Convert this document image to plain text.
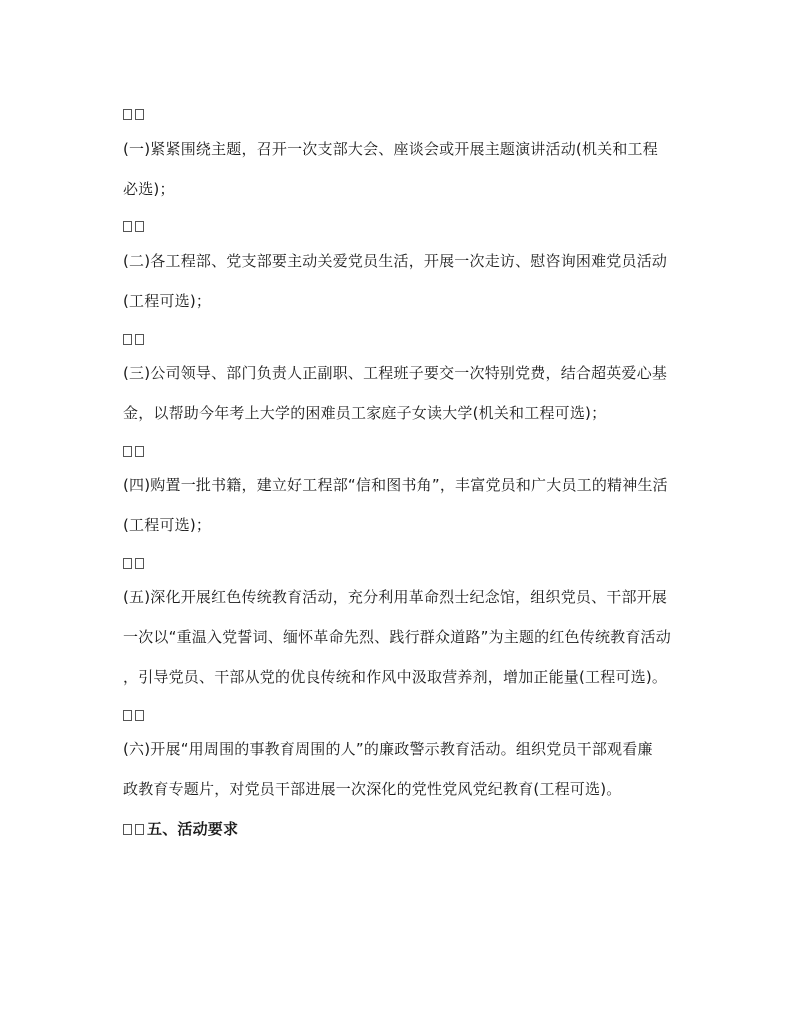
(一)紧紧围绕主题，召开一次支部大会、座谈会或开展主题演讲活动(机关和工程
必选)；
(二)各工程部、党支部要主动关爱党员生活，开展一次走访、慰咨询困难党员活动
(工程可选)；
(三)公司领导、部门负责人正副职、工程班子要交一次特别党费，结合超英爱心基
金，以帮助今年考上大学的困难员工家庭子女读大学(机关和工程可选)；
(四)购置一批书籍，建立好工程部“信和图书角”，丰富党员和广大员工的精神生活
(工程可选)；
(五)深化开展红色传统教育活动，充分利用革命烈士纪念馆，组织党员、干部开展
一次以“重温入党誓词、缅怀革命先烈、践行群众道路”为主题的红色传统教育活动
，引导党员、干部从党的优良传统和作风中汲取营养剂，增加正能量(工程可选)。
(六)开展“用周围的事教育周围的人”的廉政警示教育活动。组织党员干部观看廉
政教育专题片，对党员干部进展一次深化的党性党风党纪教育(工程可选)。
五、活动要求
